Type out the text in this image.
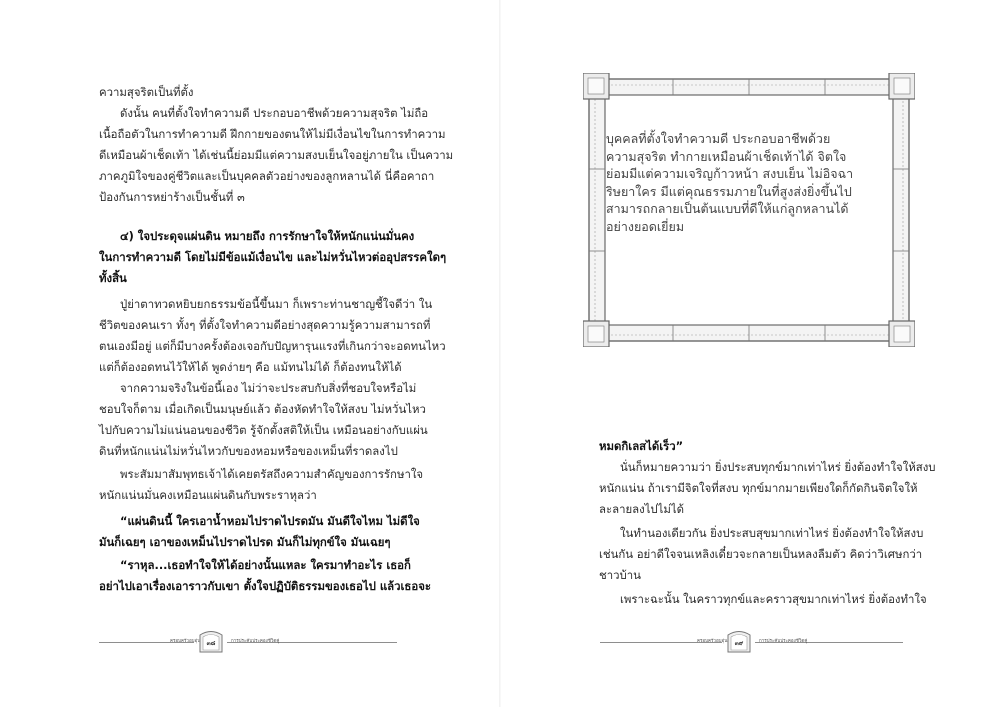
ความสุจริตเป็นที่ตั้ง
ดังนั้น คนที่ตั้งใจทำความดี ประกอบอาชีพด้วยความสุจริต ไม่ถือ
เนื้อถือตัวในการทำความดี ฝึกกายของตนให้ไม่มีเงื่อนไขในการทำความ
ดีเหมือนผ้าเช็ดเท้า ได้เช่นนี้ย่อมมีแต่ความสงบเย็นใจอยู่ภายใน เป็นความ
ภาคภูมิใจของคู่ชีวิตและเป็นบุคคลตัวอย่างของลูกหลานได้ นี่คือคาถา
ป้องกันการหย่าร้างเป็นชั้นที่ ๓
๔) ใจประดุจแผ่นดิน หมายถึง การรักษาใจให้หนักแน่นมั่นคง
ในการทำความดี โดยไม่มีข้อแม้เงื่อนไข และไม่หวั่นไหวต่ออุปสรรคใดๆ
ทั้งสิ้น
ปู่ย่าตาทวดหยิบยกธรรมข้อนี้ขึ้นมา ก็เพราะท่านชาญชี้ใจดีว่า ใน
ชีวิตของคนเรา ทั้งๆ ที่ตั้งใจทำความดีอย่างสุดความรู้ความสามารถที่
ตนเองมีอยู่ แต่ก็มีบางครั้งต้องเจอกับปัญหารุนแรงที่เกินกว่าจะอดทนไหว
แต่ก็ต้องอดทนไว้ให้ได้ พูดง่ายๆ คือ แม้ทนไม่ได้ ก็ต้องทนให้ได้
จากความจริงในข้อนี้เอง ไม่ว่าจะประสบกับสิ่งที่ชอบใจหรือไม่
ชอบใจก็ตาม เมื่อเกิดเป็นมนุษย์แล้ว ต้องหัดทำใจให้สงบ ไม่หวั่นไหว
ไปกับความไม่แน่นอนของชีวิต รู้จักตั้งสติให้เป็น เหมือนอย่างกับแผ่น
ดินที่หนักแน่นไม่หวั่นไหวกับของหอมหรือของเหม็นที่ราดลงไป
พระสัมมาสัมพุทธเจ้าได้เคยตรัสถึงความสำคัญของการรักษาใจ
หนักแน่นมั่นคงเหมือนแผ่นดินกับพระราหุลว่า
“แผ่นดินนี้ ใครเอาน้ำหอมไปราดไปรดมัน มันดีใจไหม ไม่ดีใจ
มันก็เฉยๆ เอาของเหม็นไปราดไปรด มันก็ไม่ทุกข์ใจ มันเฉยๆ
“ราหุล...เธอทำใจให้ได้อย่างนั้นแหละ ใครมาทำอะไร เธอก็
อย่าไปเอาเรื่องเอาราวกับเขา ตั้งใจปฏิบัติธรรมของเธอไป แล้วเธอจะ
ครอบครัวอบอุ่น	การประคับประคองชีวิตคู่
๓๘
บุคคลที่ตั้งใจทำความดี ประกอบอาชีพด้วย
ความสุจริต ทำกายเหมือนผ้าเช็ดเท้าได้ จิตใจ
ย่อมมีแต่ความเจริญก้าวหน้า สงบเย็น ไม่อิจฉา
ริษยาใคร มีแต่คุณธรรมภายในที่สูงส่งยิ่งขึ้นไป
สามารถกลายเป็นต้นแบบที่ดีให้แก่ลูกหลานได้
อย่างยอดเยี่ยม
หมดกิเลสได้เร็ว”
นั่นก็หมายความว่า ยิ่งประสบทุกข์มากเท่าไหร่ ยิ่งต้องทำใจให้สงบ
หนักแน่น ถ้าเรามีจิตใจที่สงบ ทุกข์มากมายเพียงใดก็กัดกินจิตใจให้
ละลายลงไปไม่ได้
ในทำนองเดียวกัน ยิ่งประสบสุขมากเท่าไหร่ ยิ่งต้องทำใจให้สงบ
เช่นกัน อย่าดีใจจนเหลิงเดี๋ยวจะกลายเป็นหลงลืมตัว คิดว่าวิเศษกว่า
ชาวบ้าน
เพราะฉะนั้น ในคราวทุกข์และคราวสุขมากเท่าไหร่ ยิ่งต้องทำใจ
ครอบครัวอบอุ่น	การประคับประคองชีวิตคู่
๓๙
